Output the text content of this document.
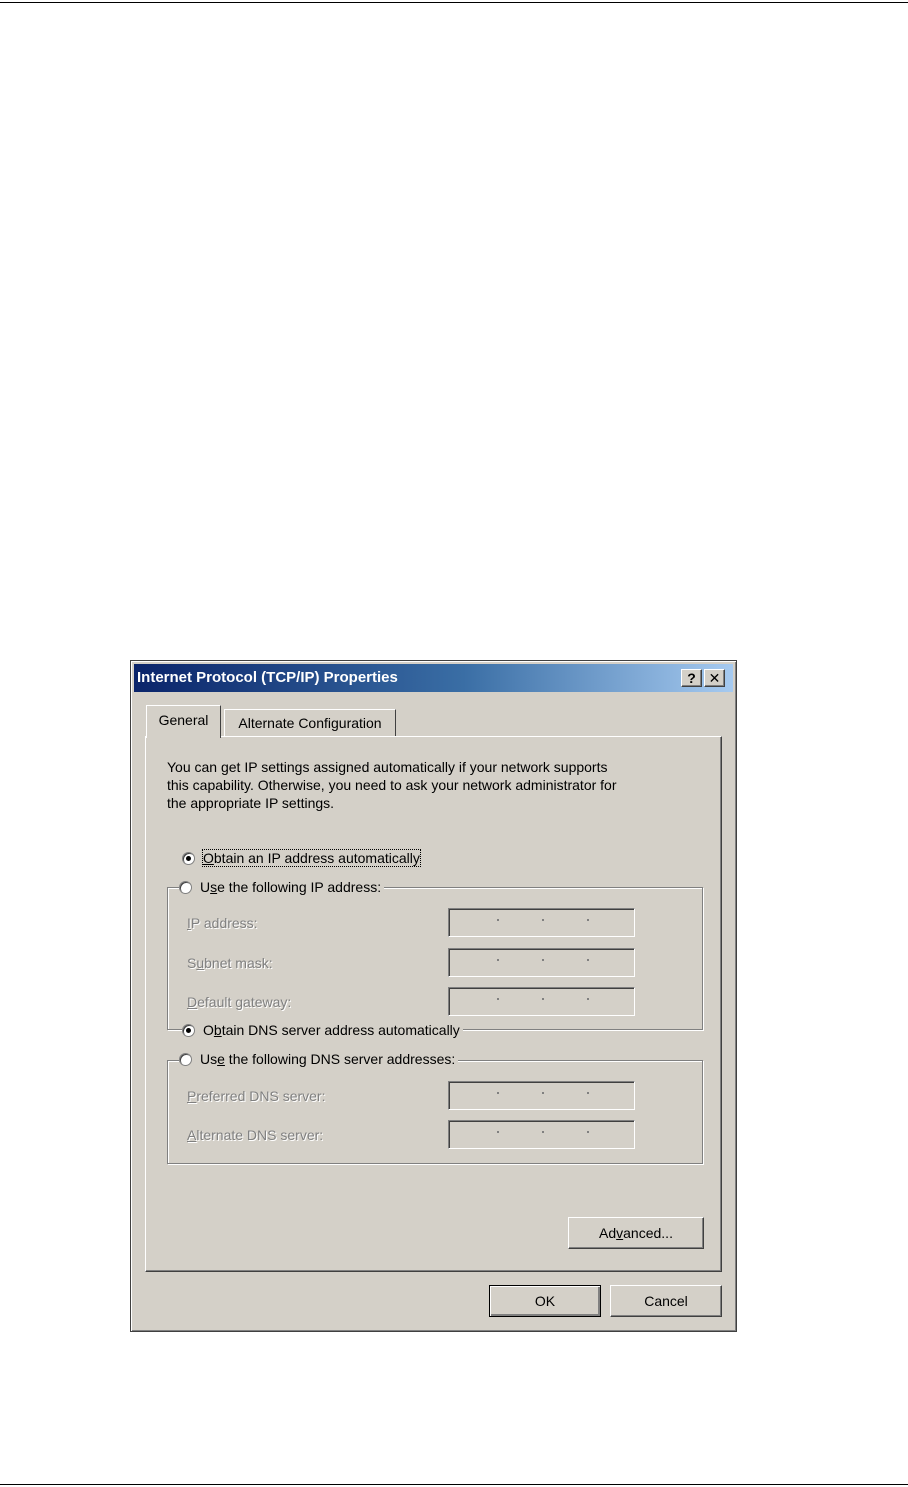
Internet Protocol (TCP/IP) Properties	? ✕
General	Alternate Configuration
You can get IP settings assigned automatically if your network supports
this capability. Otherwise, you need to ask your network administrator for
the appropriate IP settings.
Obtain an IP address automatically
Use the following IP address:
IP address:
Subnet mask:
Default gateway:
Obtain DNS server address automatically
Use the following DNS server addresses:
Preferred DNS server:
Alternate DNS server:
Advanced...
OK	Cancel
